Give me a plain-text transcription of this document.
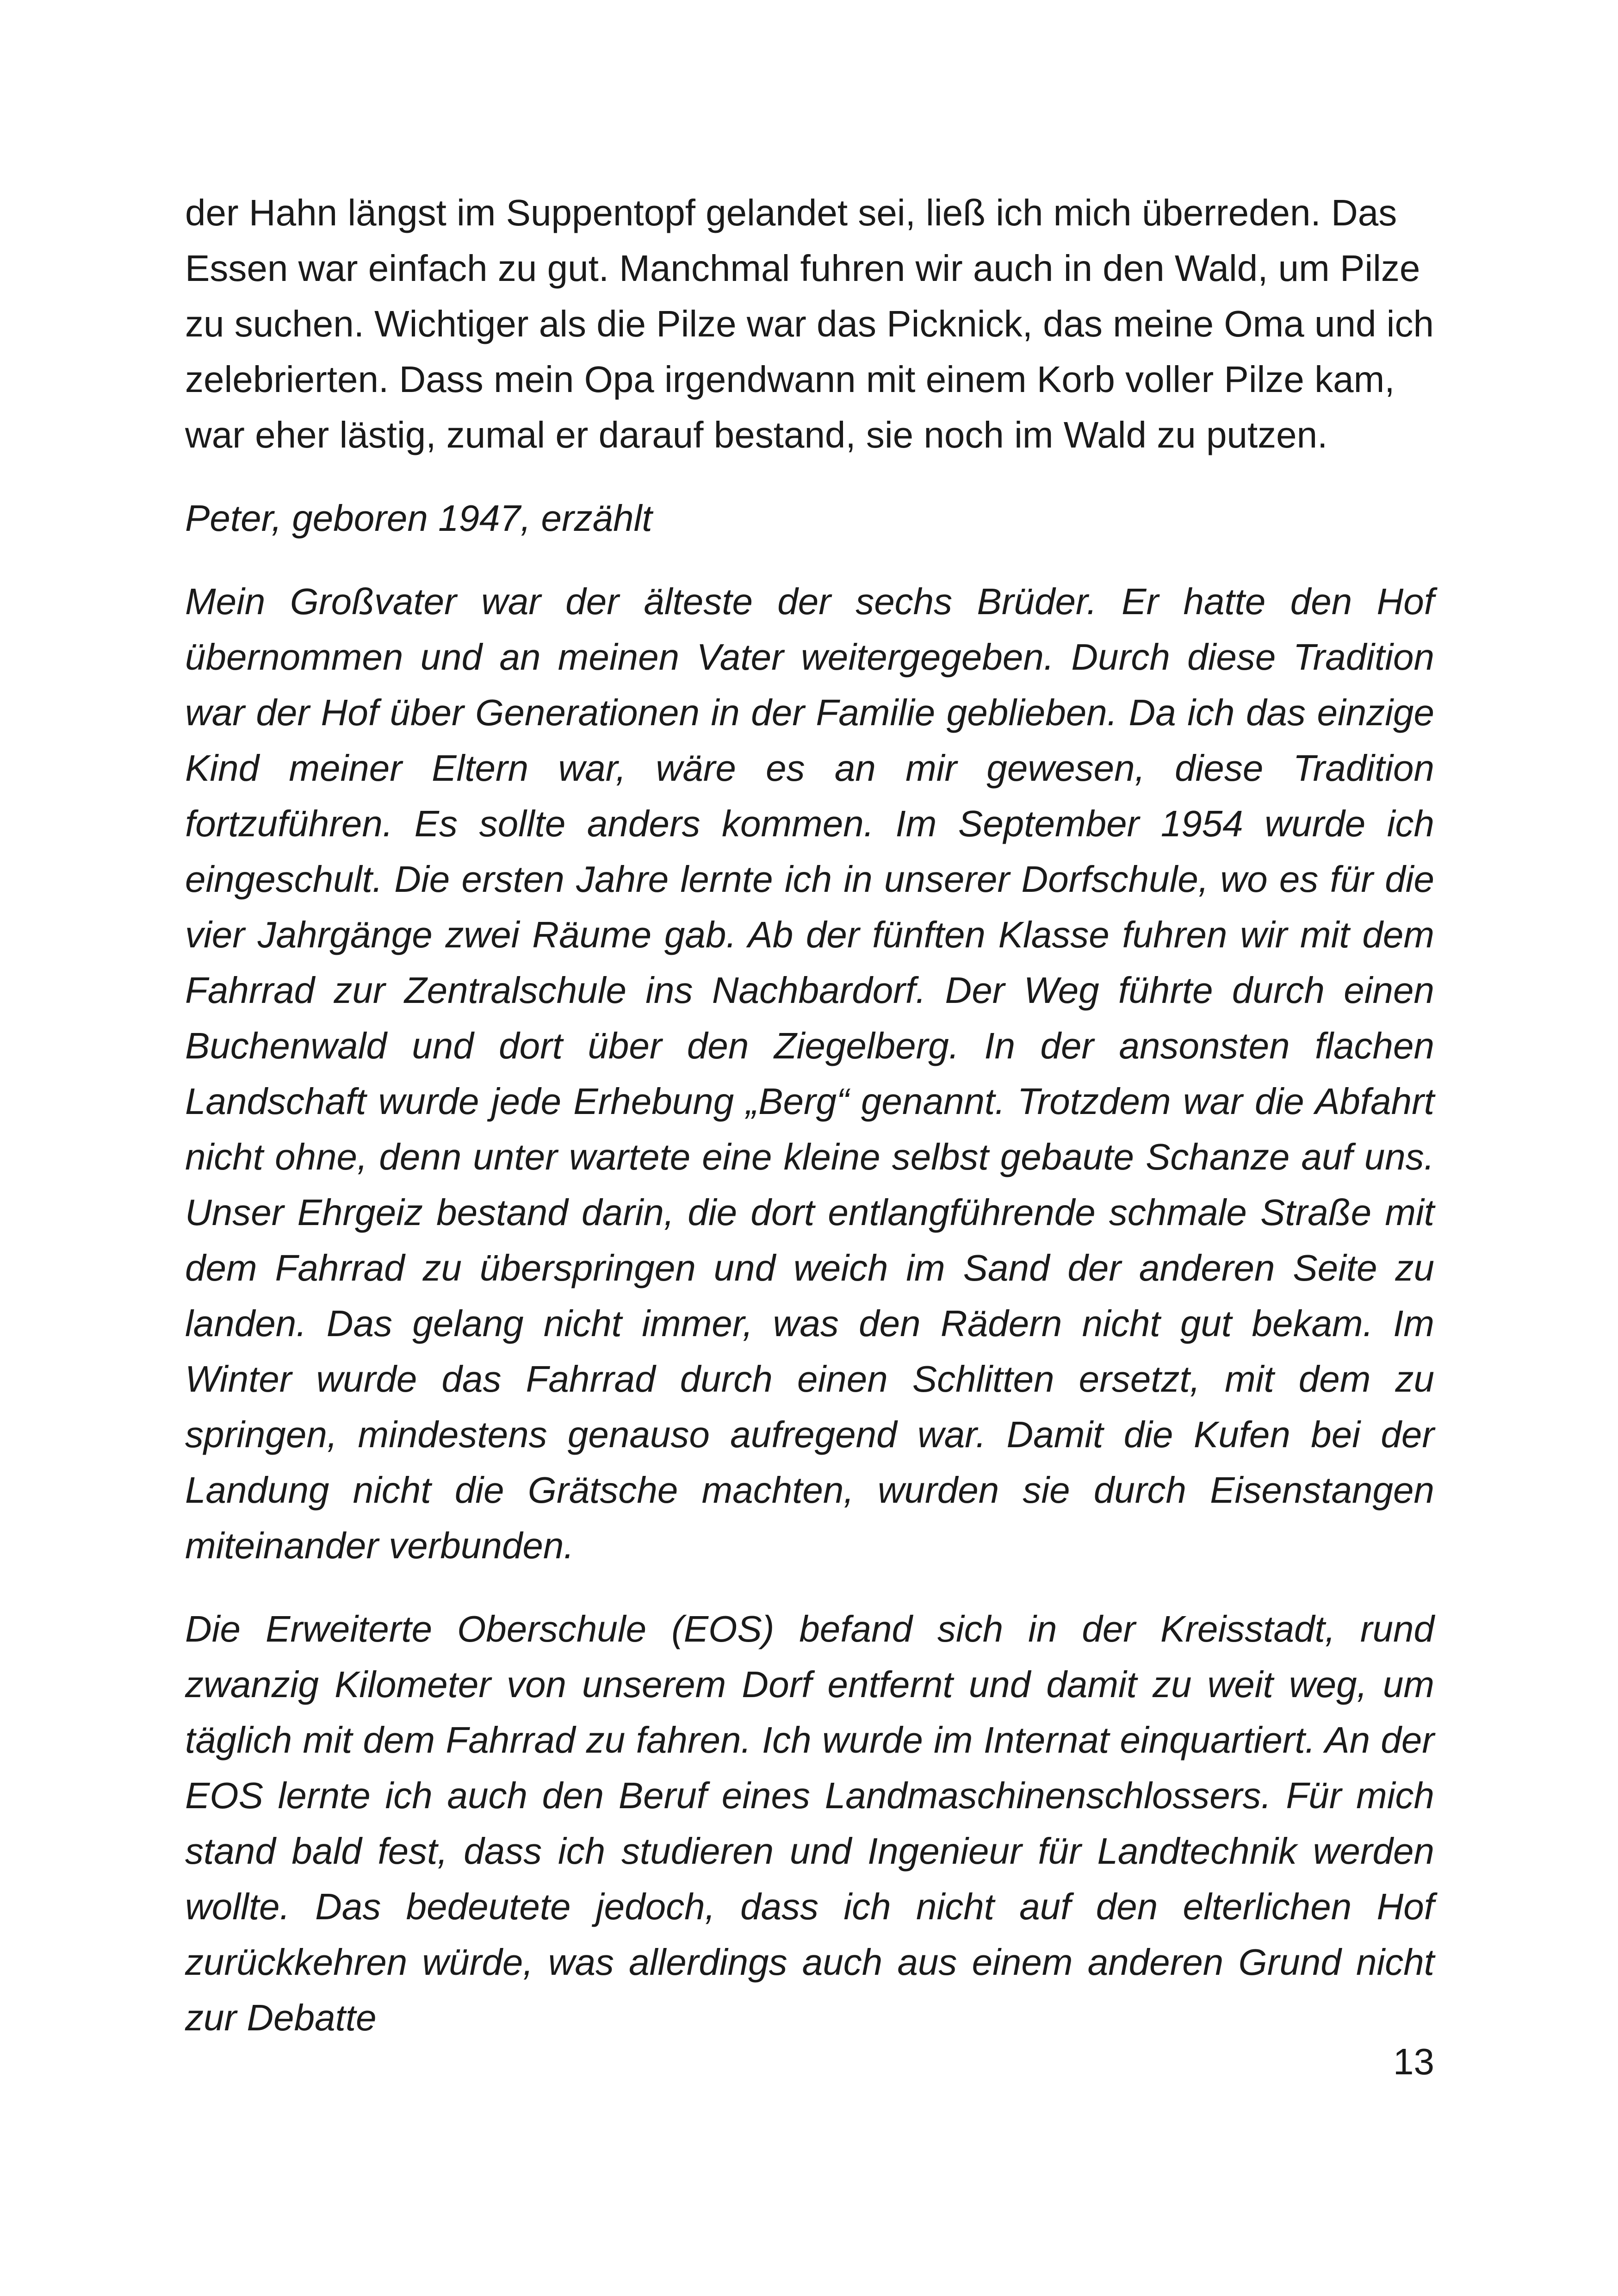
der Hahn längst im Suppentopf gelandet sei, ließ ich mich überreden. Das Essen war einfach zu gut. Manchmal fuhren wir auch in den Wald, um Pilze zu suchen. Wichtiger als die Pilze war das Picknick, das meine Oma und ich zelebrierten. Dass mein Opa irgendwann mit einem Korb voller Pilze kam, war eher lästig, zumal er darauf bestand, sie noch im Wald zu putzen.

Peter, geboren 1947, erzählt

Mein Großvater war der älteste der sechs Brüder. Er hatte den Hof übernommen und an meinen Vater weitergegeben. Durch diese Tradition war der Hof über Generationen in der Familie geblieben. Da ich das einzige Kind meiner Eltern war, wäre es an mir gewesen, diese Tradition fortzuführen. Es sollte anders kommen. Im September 1954 wurde ich eingeschult. Die ersten Jahre lernte ich in unserer Dorfschule, wo es für die vier Jahrgänge zwei Räume gab. Ab der fünften Klasse fuhren wir mit dem Fahrrad zur Zentralschule ins Nachbardorf. Der Weg führte durch einen Buchenwald und dort über den Ziegelberg. In der ansonsten flachen Landschaft wurde jede Erhebung „Berg“ genannt. Trotzdem war die Abfahrt nicht ohne, denn unter wartete eine kleine selbst gebaute Schanze auf uns. Unser Ehrgeiz bestand darin, die dort entlangführende schmale Straße mit dem Fahrrad zu überspringen und weich im Sand der anderen Seite zu landen. Das gelang nicht immer, was den Rädern nicht gut bekam. Im Winter wurde das Fahrrad durch einen Schlitten ersetzt, mit dem zu springen, mindestens genauso aufregend war. Damit die Kufen bei der Landung nicht die Grätsche machten, wurden sie durch Eisenstangen miteinander verbunden.

Die Erweiterte Oberschule (EOS) befand sich in der Kreisstadt, rund zwanzig Kilometer von unserem Dorf entfernt und damit zu weit weg, um täglich mit dem Fahrrad zu fahren. Ich wurde im Internat einquartiert. An der EOS lernte ich auch den Beruf eines Landmaschinenschlossers. Für mich stand bald fest, dass ich studieren und Ingenieur für Landtechnik werden wollte. Das bedeutete jedoch, dass ich nicht auf den elterlichen Hof zurückkehren würde, was allerdings auch aus einem anderen Grund nicht zur Debatte

13
